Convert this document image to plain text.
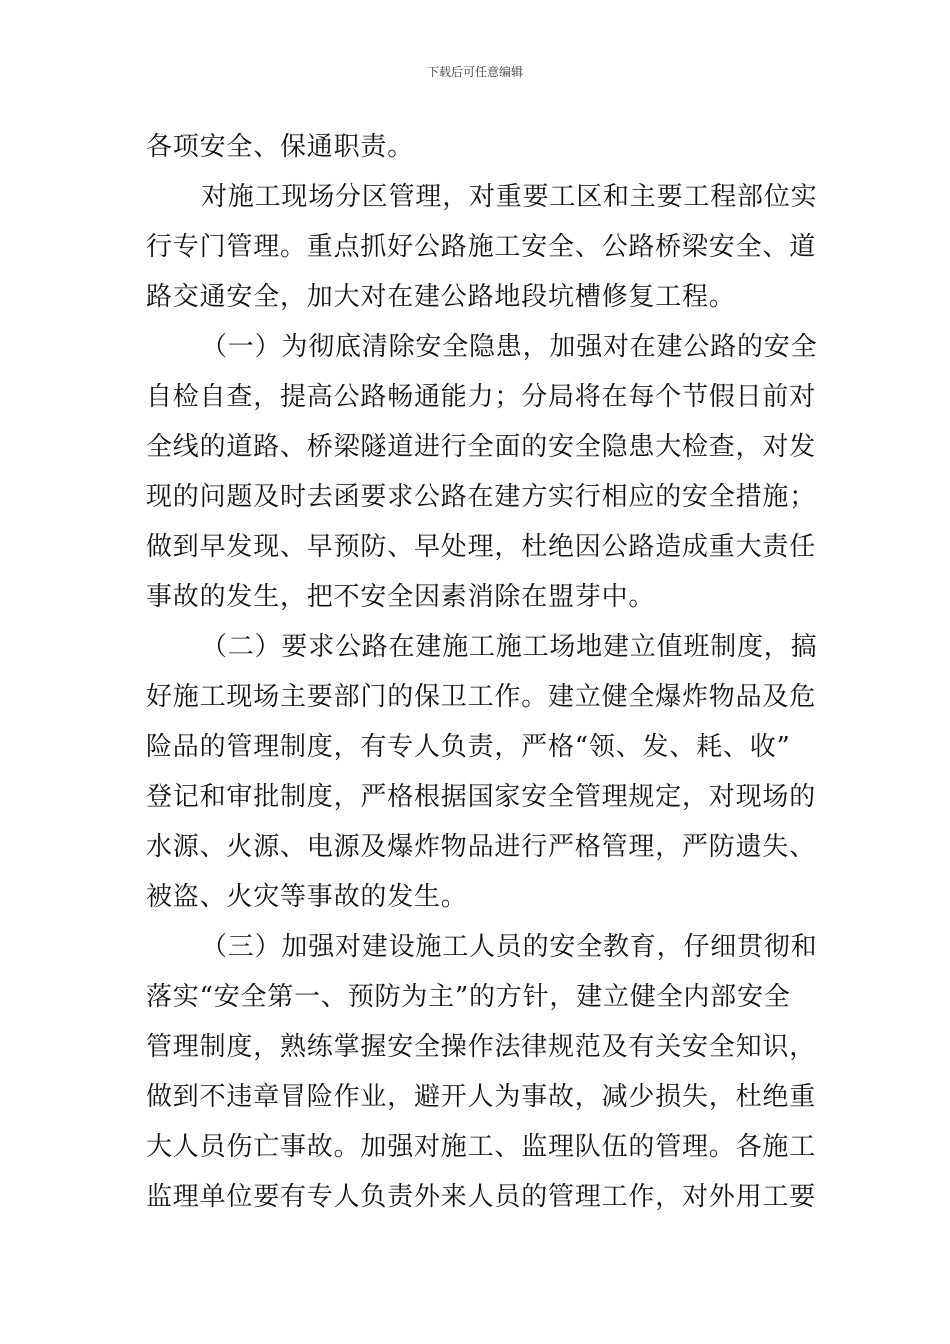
下载后可任意编辑
各项安全、保通职责。
对施工现场分区管理，对重要工区和主要工程部位实
行专门管理。重点抓好公路施工安全、公路桥梁安全、道
路交通安全，加大对在建公路地段坑槽修复工程。
（一）为彻底清除安全隐患，加强对在建公路的安全
自检自查，提高公路畅通能力；分局将在每个节假日前对
全线的道路、桥梁隧道进行全面的安全隐患大检查，对发
现的问题及时去函要求公路在建方实行相应的安全措施；
做到早发现、早预防、早处理，杜绝因公路造成重大责任
事故的发生，把不安全因素消除在盟芽中。
（二）要求公路在建施工施工场地建立值班制度，搞
好施工现场主要部门的保卫工作。建立健全爆炸物品及危
险品的管理制度，有专人负责，严格“领、发、耗、收”
登记和审批制度，严格根据国家安全管理规定，对现场的
水源、火源、电源及爆炸物品进行严格管理，严防遗失、
被盗、火灾等事故的发生。
（三）加强对建设施工人员的安全教育，仔细贯彻和
落实“安全第一、预防为主”的方针，建立健全内部安全
管理制度，熟练掌握安全操作法律规范及有关安全知识，
做到不违章冒险作业，避开人为事故，减少损失，杜绝重
大人员伤亡事故。加强对施工、监理队伍的管理。各施工
监理单位要有专人负责外来人员的管理工作，对外用工要
